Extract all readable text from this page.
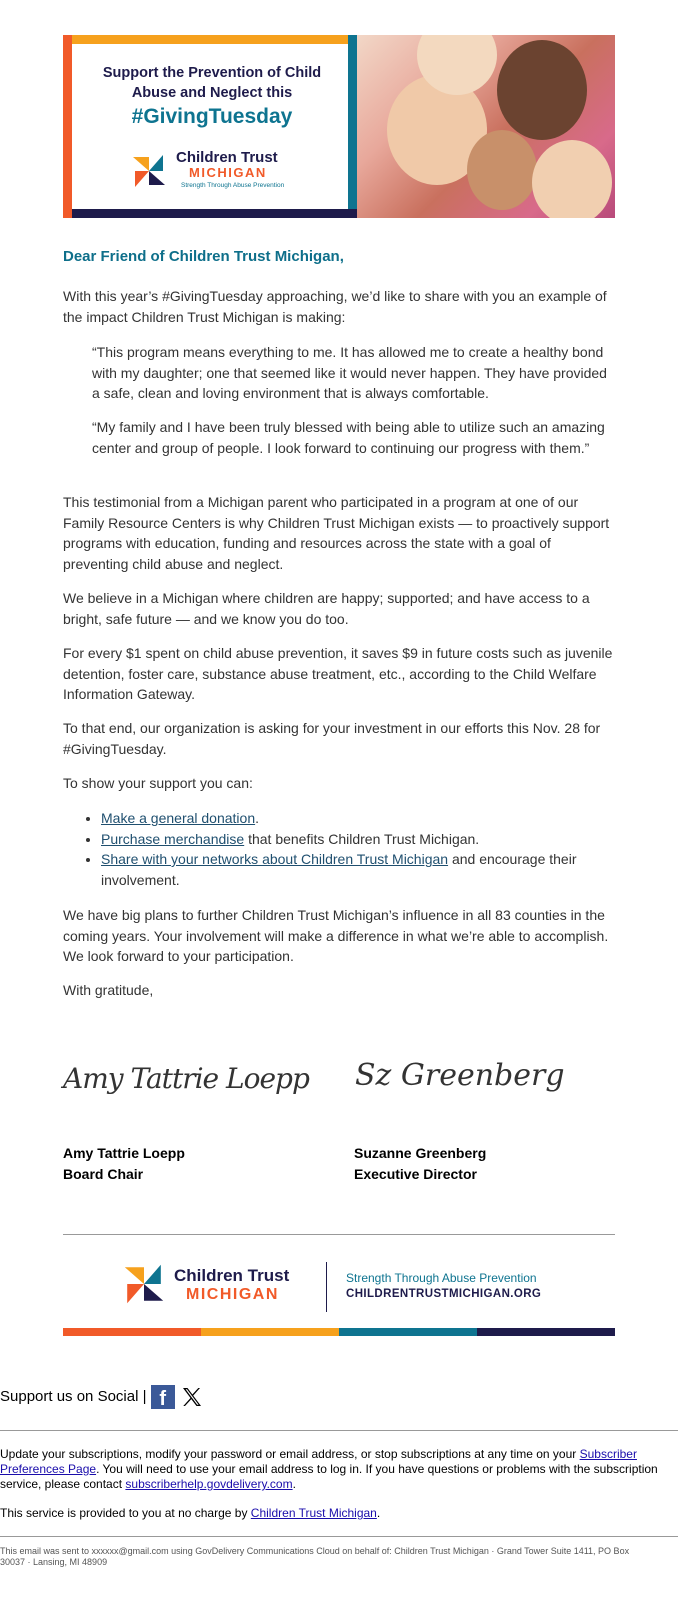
Support the Prevention of Child Abuse and Neglect this
#GivingTuesday
Children Trust
MICHIGAN
Strength Through Abuse Prevention
Dear Friend of Children Trust Michigan,

With this year’s #GivingTuesday approaching, we’d like to share with you an example of the impact Children Trust Michigan is making:

“This program means everything to me. It has allowed me to create a healthy bond with my daughter; one that seemed like it would never happen. They have provided a safe, clean and loving environment that is always comfortable.

“My family and I have been truly blessed with being able to utilize such an amazing center and group of people. I look forward to continuing our progress with them.”

This testimonial from a Michigan parent who participated in a program at one of our Family Resource Centers is why Children Trust Michigan exists — to proactively support programs with education, funding and resources across the state with a goal of preventing child abuse and neglect.

We believe in a Michigan where children are happy; supported; and have access to a bright, safe future — and we know you do too.

For every $1 spent on child abuse prevention, it saves $9 in future costs such as juvenile detention, foster care, substance abuse treatment, etc., according to the Child Welfare Information Gateway.

To that end, our organization is asking for your investment in our efforts this Nov. 28 for #GivingTuesday.

To show your support you can:

• Make a general donation.
• Purchase merchandise that benefits Children Trust Michigan.
• Share with your networks about Children Trust Michigan and encourage their involvement.

We have big plans to further Children Trust Michigan’s influence in all 83 counties in the coming years. Your involvement will make a difference in what we’re able to accomplish. We look forward to your participation.

With gratitude,

Amy Tattrie Loepp Sz Greenberg
Amy Tattrie Loepp
Board Chair
Suzanne Greenberg
Executive Director
Children Trust
MICHIGAN
Strength Through Abuse Prevention
CHILDRENTRUSTMICHIGAN.ORG
Support us on Social | f

Update your subscriptions, modify your password or email address, or stop subscriptions at any time on your Subscriber Preferences Page. You will need to use your email address to log in. If you have questions or problems with the subscription service, please contact subscriberhelp.govdelivery.com.

This service is provided to you at no charge by Children Trust Michigan.

This email was sent to xxxxxx@gmail.com using GovDelivery Communications Cloud on behalf of: Children Trust Michigan · Grand Tower Suite 1411, PO Box 30037 · Lansing, MI 48909
